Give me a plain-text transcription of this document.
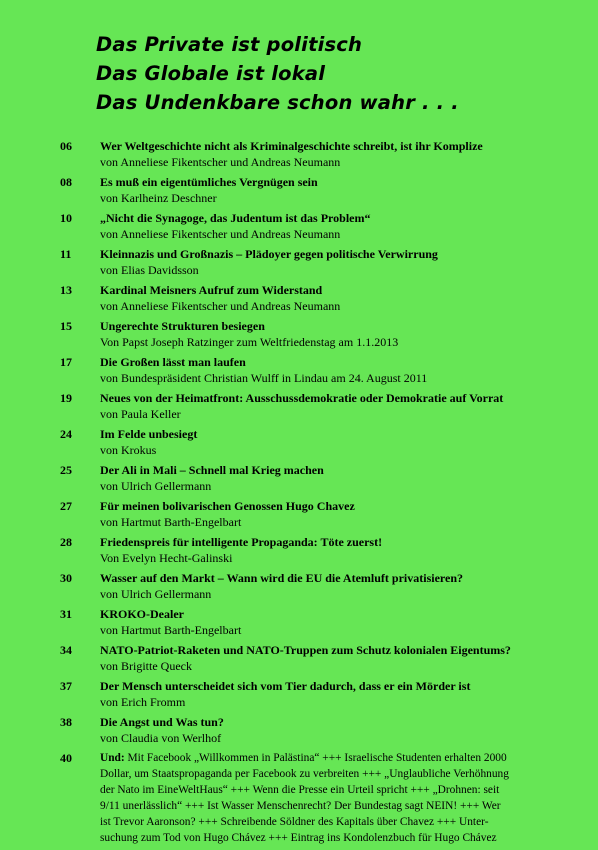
Das Private ist politisch
Das Globale ist lokal
Das Undenkbare schon wahr . . .
06	Wer Weltgeschichte nicht als Kriminalgeschichte schreibt, ist ihr Komplize
von Anneliese Fikentscher und Andreas Neumann
08	Es muß ein eigentümliches Vergnügen sein
von Karlheinz Deschner
10	„Nicht die Synagoge, das Judentum ist das Problem“
von Anneliese Fikentscher und Andreas Neumann
11	Kleinnazis und Großnazis – Plädoyer gegen politische Verwirrung
von Elias Davidsson
13	Kardinal Meisners Aufruf zum Widerstand
von Anneliese Fikentscher und Andreas Neumann
15	Ungerechte Strukturen besiegen
Von Papst Joseph Ratzinger zum Weltfriedenstag am 1.1.2013
17	Die Großen lässt man laufen
von Bundespräsident Christian Wulff in Lindau am 24. August 2011
19	Neues von der Heimatfront: Ausschussdemokratie oder Demokratie auf Vorrat
von Paula Keller
24	Im Felde unbesiegt
von Krokus
25	Der Ali in Mali – Schnell mal Krieg machen
von Ulrich Gellermann
27	Für meinen bolivarischen Genossen Hugo Chavez
von Hartmut Barth-Engelbart
28	Friedenspreis für intelligente Propaganda: Töte zuerst!
Von Evelyn Hecht-Galinski
30	Wasser auf den Markt – Wann wird die EU die Atemluft privatisieren?
von Ulrich Gellermann
31	KROKO-Dealer
von Hartmut Barth-Engelbart
34	NATO-Patriot-Raketen und NATO-Truppen zum Schutz kolonialen Eigentums?
von Brigitte Queck
37	Der Mensch unterscheidet sich vom Tier dadurch, dass er ein Mörder ist
von Erich Fromm
38	Die Angst und Was tun?
von Claudia von Werlhof
40	Und: Mit Facebook „Willkommen in Palästina“ +++ Israelische Studenten erhalten 2000
Dollar, um Staatspropaganda per Facebook zu verbreiten +++ „Unglaubliche Verhöhnung
der Nato im EineWeltHaus“ +++ Wenn die Presse ein Urteil spricht +++ „Drohnen: seit
9/11 unerlässlich“ +++ Ist Wasser Menschenrecht? Der Bundestag sagt NEIN! +++ Wer
ist Trevor Aaronson? +++ Schreibende Söldner des Kapitals über Chavez +++ Unter-
suchung zum Tod von Hugo Chávez +++ Eintrag ins Kondolenzbuch für Hugo Chávez
